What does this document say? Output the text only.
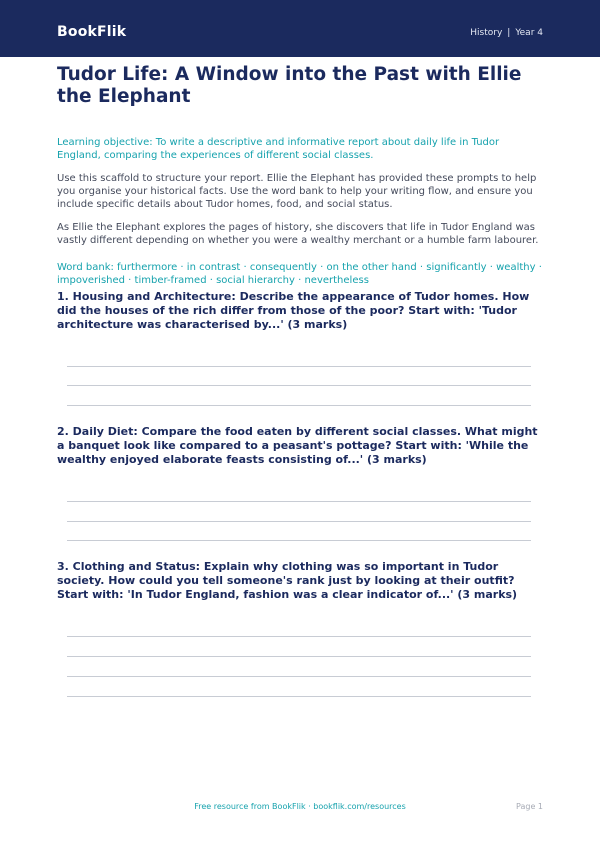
BookFlik	History | Year 4
Tudor Life: A Window into the Past with Ellie the Elephant

Learning objective: To write a descriptive and informative report about daily life in Tudor England, comparing the experiences of different social classes.

Use this scaffold to structure your report. Ellie the Elephant has provided these prompts to help you organise your historical facts. Use the word bank to help your writing flow, and ensure you include specific details about Tudor homes, food, and social status.

As Ellie the Elephant explores the pages of history, she discovers that life in Tudor England was vastly different depending on whether you were a wealthy merchant or a humble farm labourer.

Word bank: furthermore · in contrast · consequently · on the other hand · significantly · wealthy · impoverished · timber-framed · social hierarchy · nevertheless

1. Housing and Architecture: Describe the appearance of Tudor homes. How did the houses of the rich differ from those of the poor? Start with: 'Tudor architecture was characterised by...' (3 marks)

2. Daily Diet: Compare the food eaten by different social classes. What might a banquet look like compared to a peasant's pottage? Start with: 'While the wealthy enjoyed elaborate feasts consisting of...' (3 marks)

3. Clothing and Status: Explain why clothing was so important in Tudor society. How could you tell someone's rank just by looking at their outfit? Start with: 'In Tudor England, fashion was a clear indicator of...' (3 marks)

Free resource from BookFlik · bookflik.com/resources	Page 1
